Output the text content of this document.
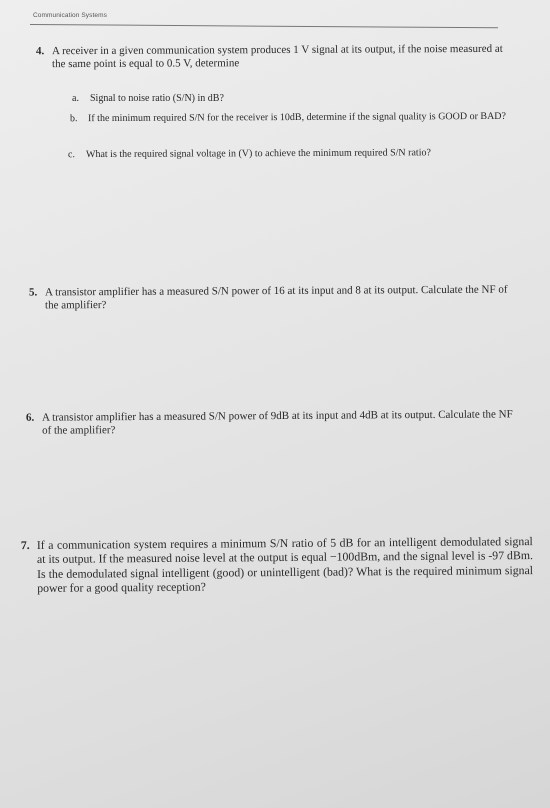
Communication Systems
4. A receiver in a given communication system produces 1 V signal at its output, if the noise measured at the same point is equal to 0.5 V, determine
a. Signal to noise ratio (S/N) in dB?
b. If the minimum required S/N for the receiver is 10dB, determine if the signal quality is GOOD or BAD?
c. What is the required signal voltage in (V) to achieve the minimum required S/N ratio?
5. A transistor amplifier has a measured S/N power of 16 at its input and 8 at its output. Calculate the NF of the amplifier?
6. A transistor amplifier has a measured S/N power of 9dB at its input and 4dB at its output. Calculate the NF of the amplifier?
7. If a communication system requires a minimum S/N ratio of 5 dB for an intelligent demodulated signal at its output. If the measured noise level at the output is equal −100dBm, and the signal level is -97 dBm. Is the demodulated signal intelligent (good) or unintelligent (bad)? What is the required minimum signal power for a good quality reception?
